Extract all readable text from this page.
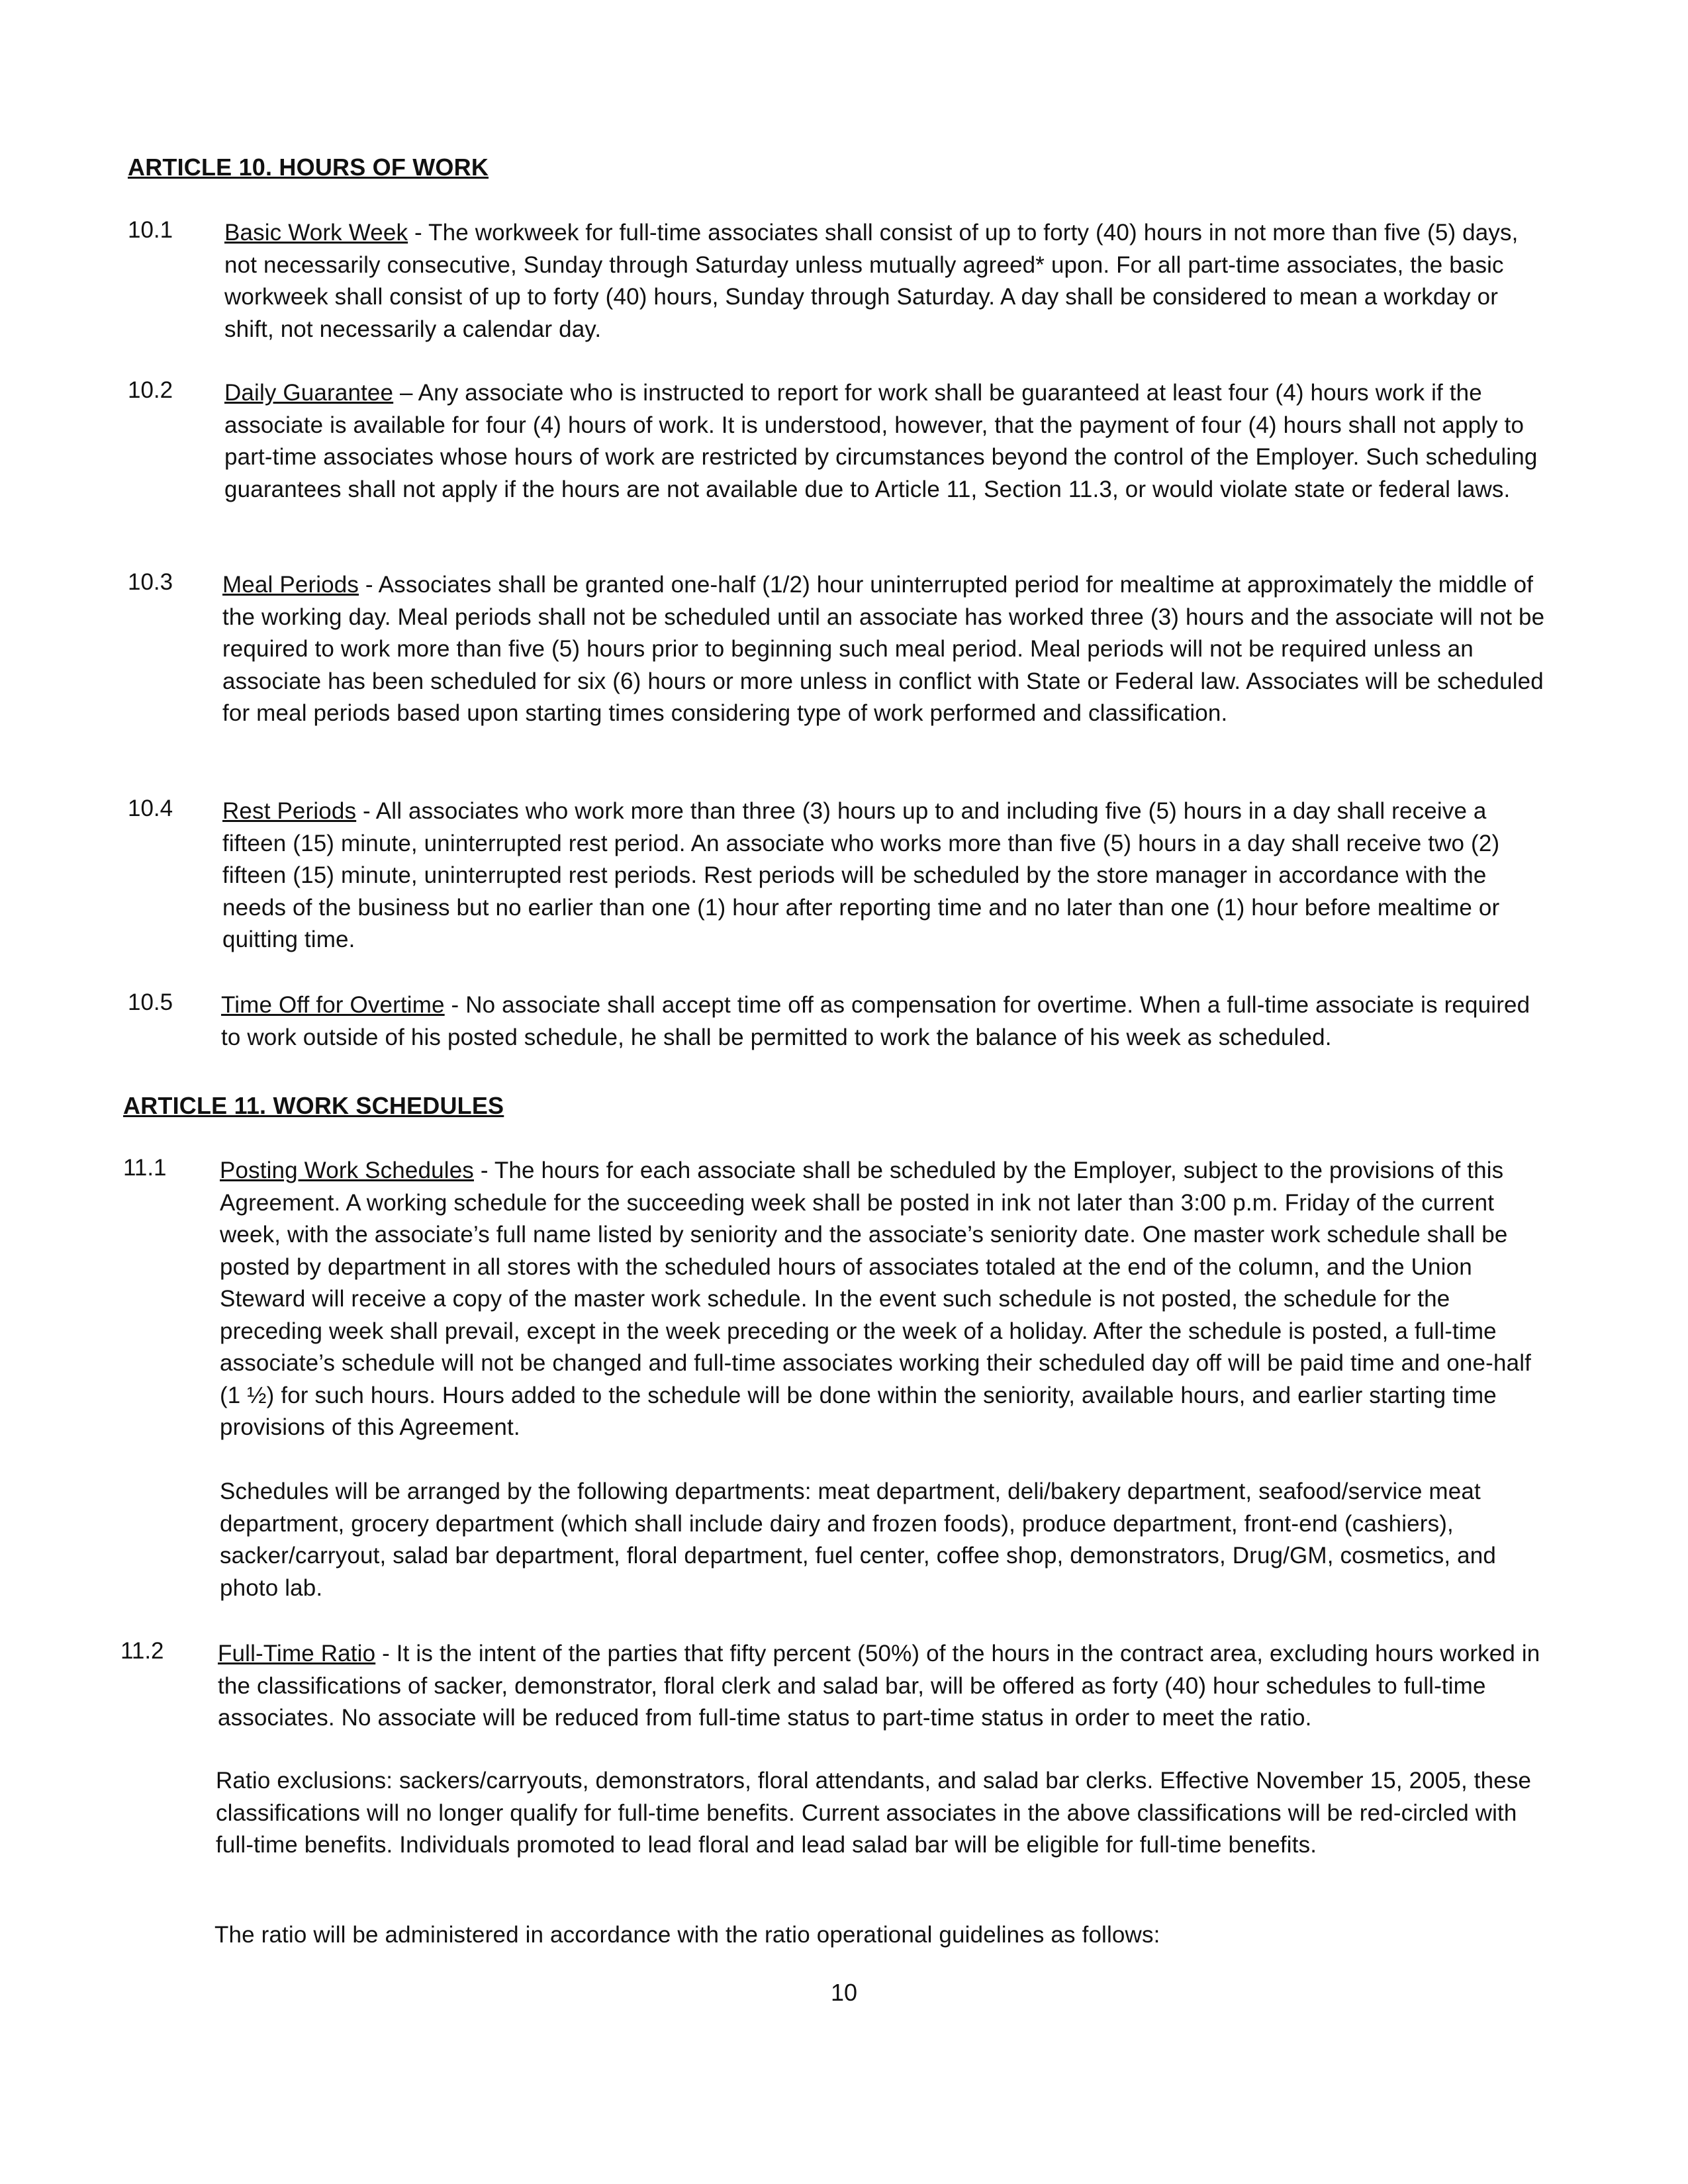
ARTICLE 10. HOURS OF WORK
10.1 Basic Work Week - The workweek for full-time associates shall consist of up to forty (40) hours in not more than five (5) days, not necessarily consecutive, Sunday through Saturday unless mutually agreed* upon. For all part-time associates, the basic workweek shall consist of up to forty (40) hours, Sunday through Saturday. A day shall be considered to mean a workday or shift, not necessarily a calendar day.
10.2 Daily Guarantee – Any associate who is instructed to report for work shall be guaranteed at least four (4) hours work if the associate is available for four (4) hours of work. It is understood, however, that the payment of four (4) hours shall not apply to part-time associates whose hours of work are restricted by circumstances beyond the control of the Employer. Such scheduling guarantees shall not apply if the hours are not available due to Article 11, Section 11.3, or would violate state or federal laws.
10.3 Meal Periods - Associates shall be granted one-half (1/2) hour uninterrupted period for mealtime at approximately the middle of the working day. Meal periods shall not be scheduled until an associate has worked three (3) hours and the associate will not be required to work more than five (5) hours prior to beginning such meal period. Meal periods will not be required unless an associate has been scheduled for six (6) hours or more unless in conflict with State or Federal law. Associates will be scheduled for meal periods based upon starting times considering type of work performed and classification.
10.4 Rest Periods - All associates who work more than three (3) hours up to and including five (5) hours in a day shall receive a fifteen (15) minute, uninterrupted rest period. An associate who works more than five (5) hours in a day shall receive two (2) fifteen (15) minute, uninterrupted rest periods. Rest periods will be scheduled by the store manager in accordance with the needs of the business but no earlier than one (1) hour after reporting time and no later than one (1) hour before mealtime or quitting time.
10.5 Time Off for Overtime - No associate shall accept time off as compensation for overtime. When a full-time associate is required to work outside of his posted schedule, he shall be permitted to work the balance of his week as scheduled.
ARTICLE 11. WORK SCHEDULES
11.1 Posting Work Schedules - The hours for each associate shall be scheduled by the Employer, subject to the provisions of this Agreement. A working schedule for the succeeding week shall be posted in ink not later than 3:00 p.m. Friday of the current week, with the associate’s full name listed by seniority and the associate’s seniority date. One master work schedule shall be posted by department in all stores with the scheduled hours of associates totaled at the end of the column, and the Union Steward will receive a copy of the master work schedule. In the event such schedule is not posted, the schedule for the preceding week shall prevail, except in the week preceding or the week of a holiday. After the schedule is posted, a full-time associate’s schedule will not be changed and full-time associates working their scheduled day off will be paid time and one-half (1 ½) for such hours. Hours added to the schedule will be done within the seniority, available hours, and earlier starting time provisions of this Agreement.
Schedules will be arranged by the following departments: meat department, deli/bakery department, seafood/service meat department, grocery department (which shall include dairy and frozen foods), produce department, front-end (cashiers), sacker/carryout, salad bar department, floral department, fuel center, coffee shop, demonstrators, Drug/GM, cosmetics, and photo lab.
11.2 Full-Time Ratio - It is the intent of the parties that fifty percent (50%) of the hours in the contract area, excluding hours worked in the classifications of sacker, demonstrator, floral clerk and salad bar, will be offered as forty (40) hour schedules to full-time associates. No associate will be reduced from full-time status to part-time status in order to meet the ratio.
Ratio exclusions: sackers/carryouts, demonstrators, floral attendants, and salad bar clerks. Effective November 15, 2005, these classifications will no longer qualify for full-time benefits. Current associates in the above classifications will be red-circled with full-time benefits. Individuals promoted to lead floral and lead salad bar will be eligible for full-time benefits.
The ratio will be administered in accordance with the ratio operational guidelines as follows:
10
